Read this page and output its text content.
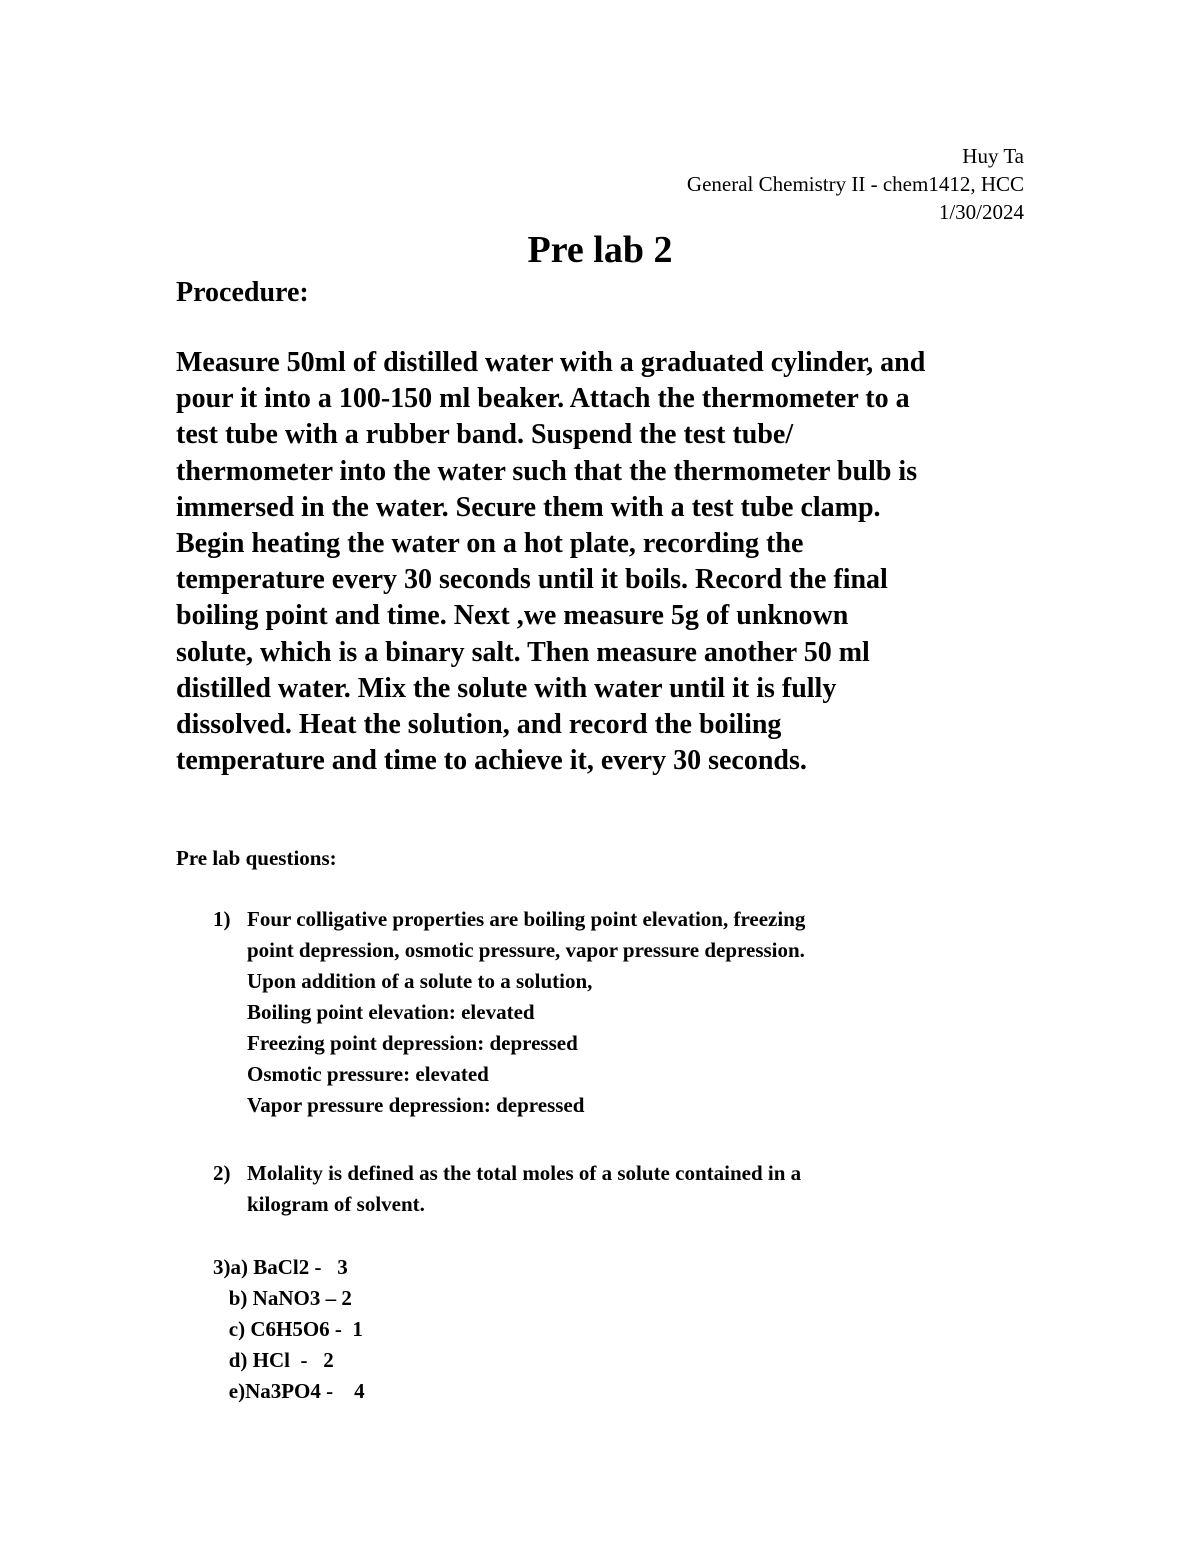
Huy Ta
General Chemistry II - chem1412, HCC
1/30/2024
Pre lab 2
Procedure:
Measure 50ml of distilled water with a graduated cylinder, and
pour it into a 100-150 ml beaker. Attach the thermometer to a
test tube with a rubber band. Suspend the test tube/
thermometer into the water such that the thermometer bulb is
immersed in the water. Secure them with a test tube clamp.
Begin heating the water on a hot plate, recording the
temperature every 30 seconds until it boils. Record the final
boiling point and time. Next ,we measure 5g of unknown
solute, which is a binary salt. Then measure another 50 ml
distilled water. Mix the solute with water until it is fully
dissolved. Heat the solution, and record the boiling
temperature and time to achieve it, every 30 seconds.
Pre lab questions:
1) Four colligative properties are boiling point elevation, freezing
point depression, osmotic pressure, vapor pressure depression.
Upon addition of a solute to a solution,
Boiling point elevation: elevated
Freezing point depression: depressed
Osmotic pressure: elevated
Vapor pressure depression: depressed
2) Molality is defined as the total moles of a solute contained in a
kilogram of solvent.
3)a) BaCl2 -   3
b) NaNO3 – 2
c) C6H5O6 -  1
d) HCl  -   2
e)Na3PO4 -    4
